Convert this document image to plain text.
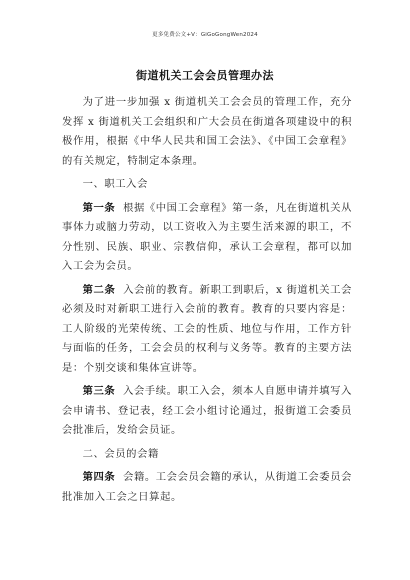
更多免费公文+V：GiGoGongWen2024
街道机关工会会员管理办法

为了进一步加强 x 街道机关工会会员的管理工作，充分发挥 x 街道机关工会组织和广大会员在街道各项建设中的积极作用，根据《中华人民共和国工会法》、《中国工会章程》的有关规定，特制定本条理。

一、职工入会

第一条 根据《中国工会章程》第一条，凡在街道机关从事体力或脑力劳动，以工资收入为主要生活来源的职工，不分性别、民族、职业、宗教信仰，承认工会章程，都可以加入工会为会员。

第二条 入会前的教育。新职工到职后，x 街道机关工会必须及时对新职工进行入会前的教育。教育的只要内容是：工人阶级的光荣传统、工会的性质、地位与作用，工作方针与面临的任务，工会会员的权利与义务等。教育的主要方法是：个别交谈和集体宣讲等。

第三条 入会手续。职工入会，须本人自愿申请并填写入会申请书、登记表，经工会小组讨论通过，报街道工会委员会批准后，发给会员证。

二、会员的会籍

第四条 会籍。工会会员会籍的承认，从街道工会委员会批准加入工会之日算起。
